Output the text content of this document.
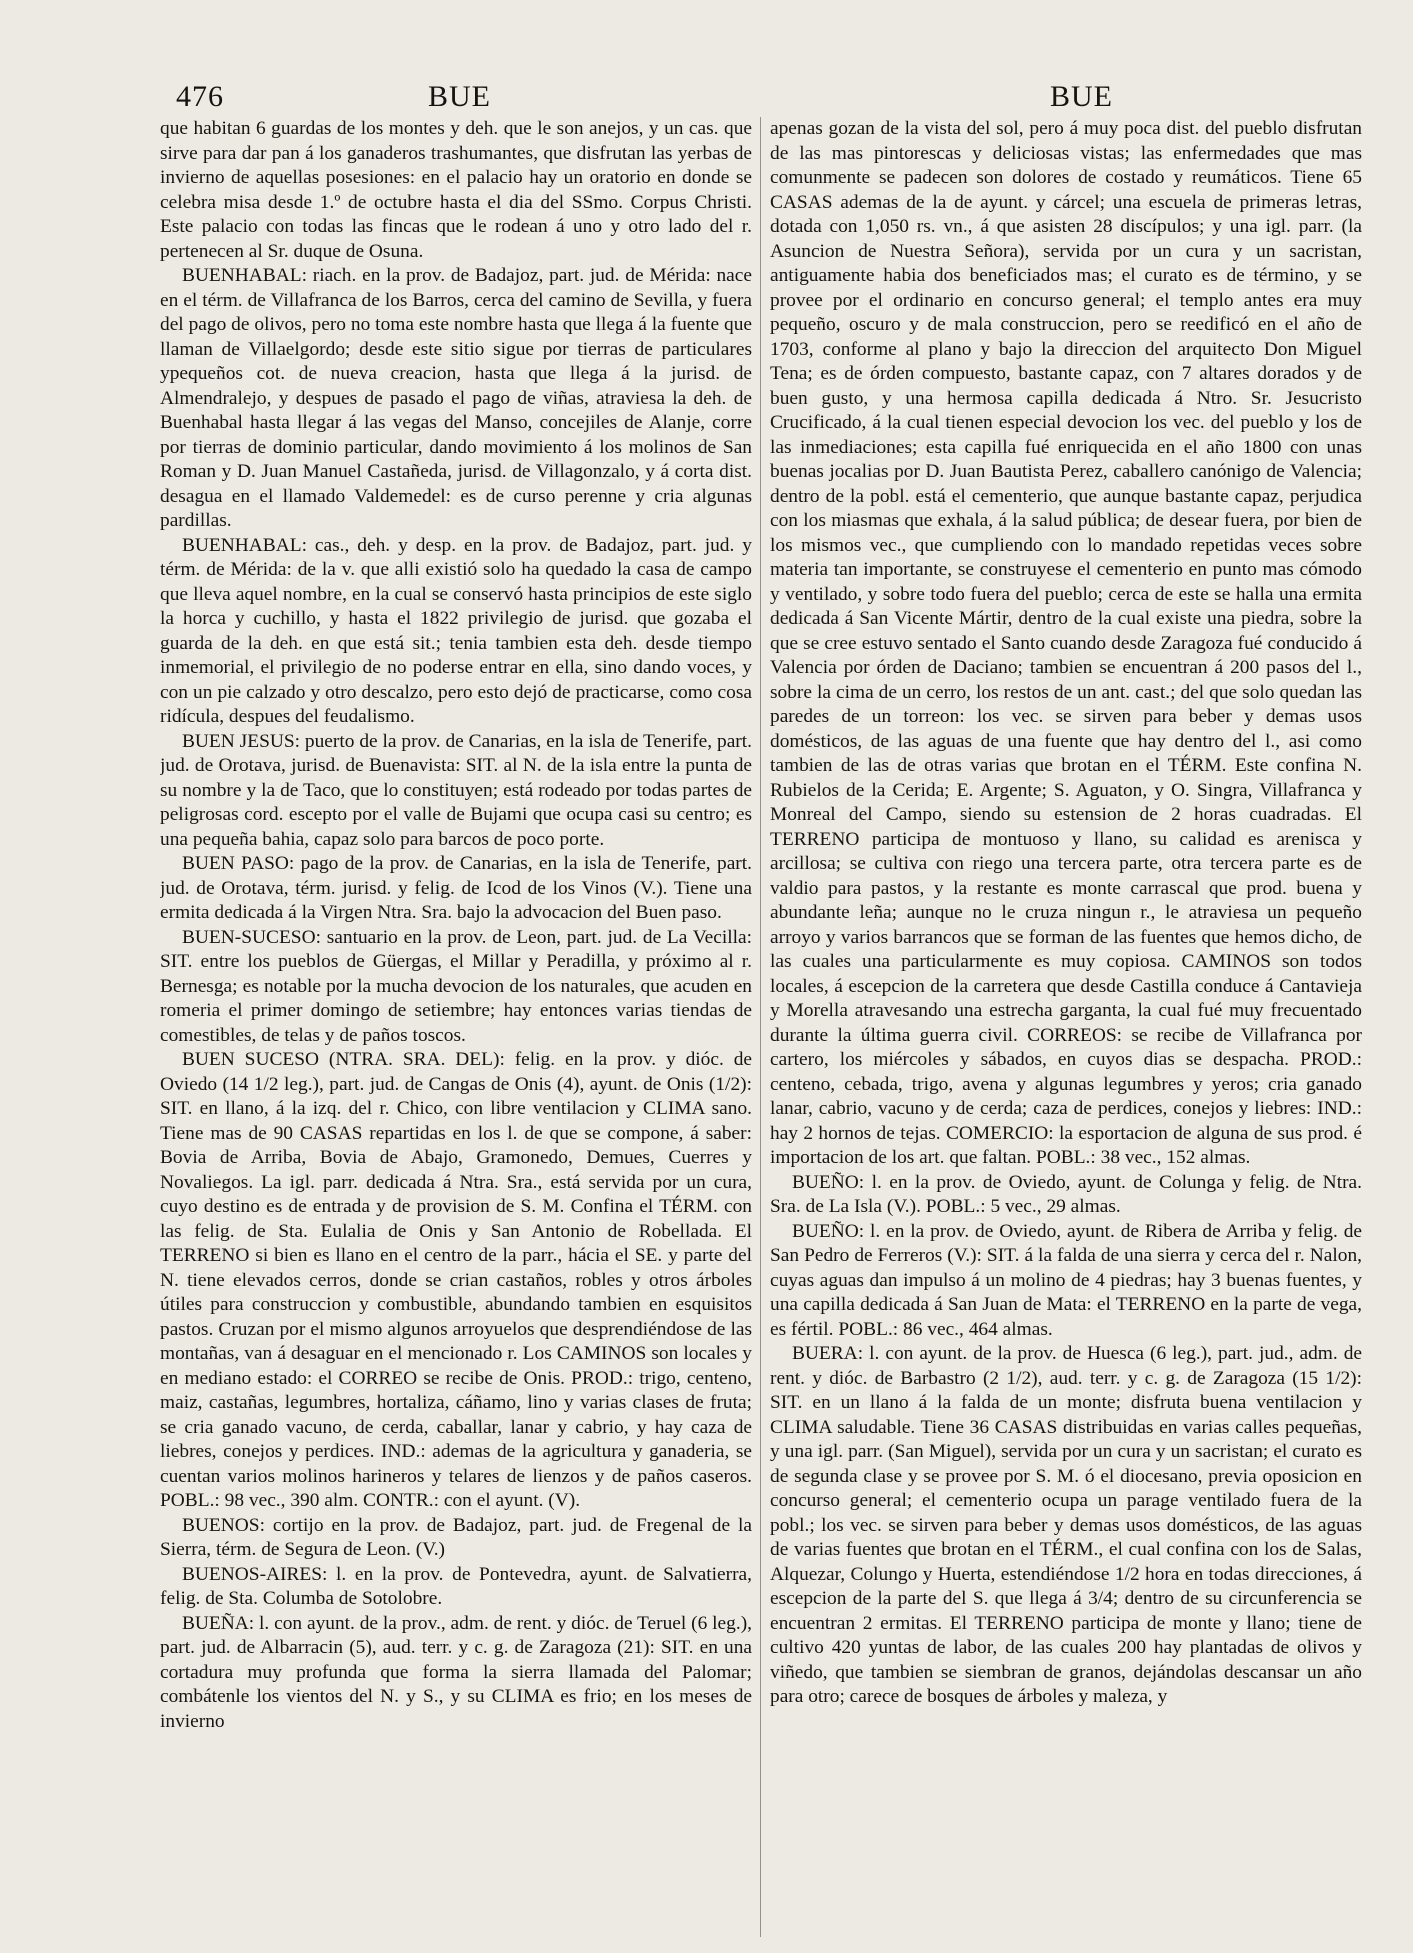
476	BUE	BUE

que habitan 6 guardas de los montes y deh. que le son anejos, y un cas. que sirve para dar pan á los ganaderos trashumantes, que disfrutan las yerbas de invierno de aquellas posesiones: en el palacio hay un oratorio en donde se celebra misa desde 1.º de octubre hasta el dia del SSmo. Corpus Christi. Este palacio con todas las fincas que le rodean á uno y otro lado del r. pertenecen al Sr. duque de Osuna.

BUENHABAL: riach. en la prov. de Badajoz, part. jud. de Mérida: nace en el térm. de Villafranca de los Barros, cerca del camino de Sevilla, y fuera del pago de olivos, pero no toma este nombre hasta que llega á la fuente que llaman de Villaelgordo; desde este sitio sigue por tierras de particulares ypequeños cot. de nueva creacion, hasta que llega á la jurisd. de Almendralejo, y despues de pasado el pago de viñas, atraviesa la deh. de Buenhabal hasta llegar á las vegas del Manso, concejiles de Alanje, corre por tierras de dominio particular, dando movimiento á los molinos de San Roman y D. Juan Manuel Castañeda, jurisd. de Villagonzalo, y á corta dist. desagua en el llamado Valdemedel: es de curso perenne y cria algunas pardillas.

BUENHABAL: cas., deh. y desp. en la prov. de Badajoz, part. jud. y térm. de Mérida: de la v. que alli existió solo ha quedado la casa de campo que lleva aquel nombre, en la cual se conservó hasta principios de este siglo la horca y cuchillo, y hasta el 1822 privilegio de jurisd. que gozaba el guarda de la deh. en que está sit.; tenia tambien esta deh. desde tiempo inmemorial, el privilegio de no poderse entrar en ella, sino dando voces, y con un pie calzado y otro descalzo, pero esto dejó de practicarse, como cosa ridícula, despues del feudalismo.

BUEN JESUS: puerto de la prov. de Canarias, en la isla de Tenerife, part. jud. de Orotava, jurisd. de Buenavista: SIT. al N. de la isla entre la punta de su nombre y la de Taco, que lo constituyen; está rodeado por todas partes de peligrosas cord. escepto por el valle de Bujami que ocupa casi su centro; es una pequeña bahia, capaz solo para barcos de poco porte.

BUEN PASO: pago de la prov. de Canarias, en la isla de Tenerife, part. jud. de Orotava, térm. jurisd. y felig. de Icod de los Vinos (V.). Tiene una ermita dedicada á la Virgen Ntra. Sra. bajo la advocacion del Buen paso.

BUEN-SUCESO: santuario en la prov. de Leon, part. jud. de La Vecilla: SIT. entre los pueblos de Güergas, el Millar y Peradilla, y próximo al r. Bernesga; es notable por la mucha devocion de los naturales, que acuden en romeria el primer domingo de setiembre; hay entonces varias tiendas de comestibles, de telas y de paños toscos.

BUEN SUCESO (NTRA. SRA. DEL): felig. en la prov. y dióc. de Oviedo (14 1/2 leg.), part. jud. de Cangas de Onis (4), ayunt. de Onis (1/2): SIT. en llano, á la izq. del r. Chico, con libre ventilacion y CLIMA sano. Tiene mas de 90 CASAS repartidas en los l. de que se compone, á saber: Bovia de Arriba, Bovia de Abajo, Gramonedo, Demues, Cuerres y Novaliegos. La igl. parr. dedicada á Ntra. Sra., está servida por un cura, cuyo destino es de entrada y de provision de S. M. Confina el TÉRM. con las felig. de Sta. Eulalia de Onis y San Antonio de Robellada. El TERRENO si bien es llano en el centro de la parr., hácia el SE. y parte del N. tiene elevados cerros, donde se crian castaños, robles y otros árboles útiles para construccion y combustible, abundando tambien en esquisitos pastos. Cruzan por el mismo algunos arroyuelos que desprendiéndose de las montañas, van á desaguar en el mencionado r. Los CAMINOS son locales y en mediano estado: el CORREO se recibe de Onis. PROD.: trigo, centeno, maiz, castañas, legumbres, hortaliza, cáñamo, lino y varias clases de fruta; se cria ganado vacuno, de cerda, caballar, lanar y cabrio, y hay caza de liebres, conejos y perdices. IND.: ademas de la agricultura y ganaderia, se cuentan varios molinos harineros y telares de lienzos y de paños caseros. POBL.: 98 vec., 390 alm. CONTR.: con el ayunt. (V).

BUENOS: cortijo en la prov. de Badajoz, part. jud. de Fregenal de la Sierra, térm. de Segura de Leon. (V.)

BUENOS-AIRES: l. en la prov. de Pontevedra, ayunt. de Salvatierra, felig. de Sta. Columba de Sotolobre.

BUEÑA: l. con ayunt. de la prov., adm. de rent. y dióc. de Teruel (6 leg.), part. jud. de Albarracin (5), aud. terr. y c. g. de Zaragoza (21): SIT. en una cortadura muy profunda que forma la sierra llamada del Palomar; combátenle los vientos del N. y S., y su CLIMA es frio; en los meses de invierno

apenas gozan de la vista del sol, pero á muy poca dist. del pueblo disfrutan de las mas pintorescas y deliciosas vistas; las enfermedades que mas comunmente se padecen son dolores de costado y reumáticos. Tiene 65 CASAS ademas de la de ayunt. y cárcel; una escuela de primeras letras, dotada con 1,050 rs. vn., á que asisten 28 discípulos; y una igl. parr. (la Asuncion de Nuestra Señora), servida por un cura y un sacristan, antiguamente habia dos beneficiados mas; el curato es de término, y se provee por el ordinario en concurso general; el templo antes era muy pequeño, oscuro y de mala construccion, pero se reedificó en el año de 1703, conforme al plano y bajo la direccion del arquitecto Don Miguel Tena; es de órden compuesto, bastante capaz, con 7 altares dorados y de buen gusto, y una hermosa capilla dedicada á Ntro. Sr. Jesucristo Crucificado, á la cual tienen especial devocion los vec. del pueblo y los de las inmediaciones; esta capilla fué enriquecida en el año 1800 con unas buenas jocalias por D. Juan Bautista Perez, caballero canónigo de Valencia; dentro de la pobl. está el cementerio, que aunque bastante capaz, perjudica con los miasmas que exhala, á la salud pública; de desear fuera, por bien de los mismos vec., que cumpliendo con lo mandado repetidas veces sobre materia tan importante, se construyese el cementerio en punto mas cómodo y ventilado, y sobre todo fuera del pueblo; cerca de este se halla una ermita dedicada á San Vicente Mártir, dentro de la cual existe una piedra, sobre la que se cree estuvo sentado el Santo cuando desde Zaragoza fué conducido á Valencia por órden de Daciano; tambien se encuentran á 200 pasos del l., sobre la cima de un cerro, los restos de un ant. cast.; del que solo quedan las paredes de un torreon: los vec. se sirven para beber y demas usos domésticos, de las aguas de una fuente que hay dentro del l., asi como tambien de las de otras varias que brotan en el TÉRM. Este confina N. Rubielos de la Cerida; E. Argente; S. Aguaton, y O. Singra, Villafranca y Monreal del Campo, siendo su estension de 2 horas cuadradas. El TERRENO participa de montuoso y llano, su calidad es arenisca y arcillosa; se cultiva con riego una tercera parte, otra tercera parte es de valdio para pastos, y la restante es monte carrascal que prod. buena y abundante leña; aunque no le cruza ningun r., le atraviesa un pequeño arroyo y varios barrancos que se forman de las fuentes que hemos dicho, de las cuales una particularmente es muy copiosa. CAMINOS son todos locales, á escepcion de la carretera que desde Castilla conduce á Cantavieja y Morella atravesando una estrecha garganta, la cual fué muy frecuentado durante la última guerra civil. CORREOS: se recibe de Villafranca por cartero, los miércoles y sábados, en cuyos dias se despacha. PROD.: centeno, cebada, trigo, avena y algunas legumbres y yeros; cria ganado lanar, cabrio, vacuno y de cerda; caza de perdices, conejos y liebres: IND.: hay 2 hornos de tejas. COMERCIO: la esportacion de alguna de sus prod. é importacion de los art. que faltan. POBL.: 38 vec., 152 almas.

BUEÑO: l. en la prov. de Oviedo, ayunt. de Colunga y felig. de Ntra. Sra. de La Isla (V.). POBL.: 5 vec., 29 almas.

BUEÑO: l. en la prov. de Oviedo, ayunt. de Ribera de Arriba y felig. de San Pedro de Ferreros (V.): SIT. á la falda de una sierra y cerca del r. Nalon, cuyas aguas dan impulso á un molino de 4 piedras; hay 3 buenas fuentes, y una capilla dedicada á San Juan de Mata: el TERRENO en la parte de vega, es fértil. POBL.: 86 vec., 464 almas.

BUERA: l. con ayunt. de la prov. de Huesca (6 leg.), part. jud., adm. de rent. y dióc. de Barbastro (2 1/2), aud. terr. y c. g. de Zaragoza (15 1/2): SIT. en un llano á la falda de un monte; disfruta buena ventilacion y CLIMA saludable. Tiene 36 CASAS distribuidas en varias calles pequeñas, y una igl. parr. (San Miguel), servida por un cura y un sacristan; el curato es de segunda clase y se provee por S. M. ó el diocesano, previa oposicion en concurso general; el cementerio ocupa un parage ventilado fuera de la pobl.; los vec. se sirven para beber y demas usos domésticos, de las aguas de varias fuentes que brotan en el TÉRM., el cual confina con los de Salas, Alquezar, Colungo y Huerta, estendiéndose 1/2 hora en todas direcciones, á escepcion de la parte del S. que llega á 3/4; dentro de su circunferencia se encuentran 2 ermitas. El TERRENO participa de monte y llano; tiene de cultivo 420 yuntas de labor, de las cuales 200 hay plantadas de olivos y viñedo, que tambien se siembran de granos, dejándolas descansar un año para otro; carece de bosques de árboles y maleza, y
